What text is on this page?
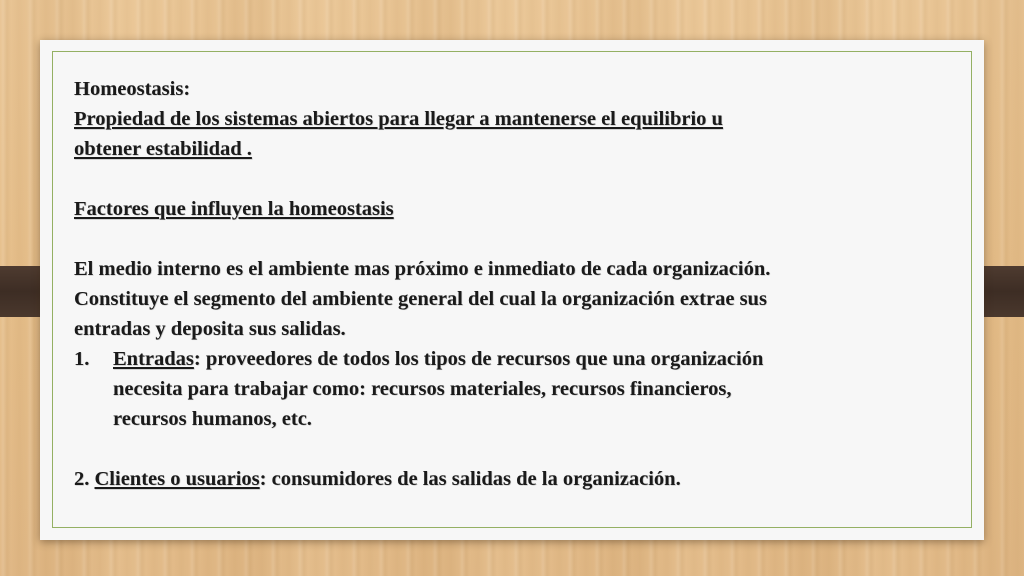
Homeostasis:

Propiedad de los sistemas abiertos para llegar a mantenerse el equilibrio u

obtener estabilidad .

Factores que influyen la homeostasis

El medio interno es el ambiente mas próximo e inmediato de cada organización.

Constituye el segmento del ambiente general del cual la organización extrae sus

entradas y deposita sus salidas.

1.	Entradas: proveedores de todos los tipos de recursos que una organización

necesita para trabajar como: recursos materiales, recursos financieros,

recursos humanos, etc.

2. Clientes o usuarios: consumidores de las salidas de la organización.
